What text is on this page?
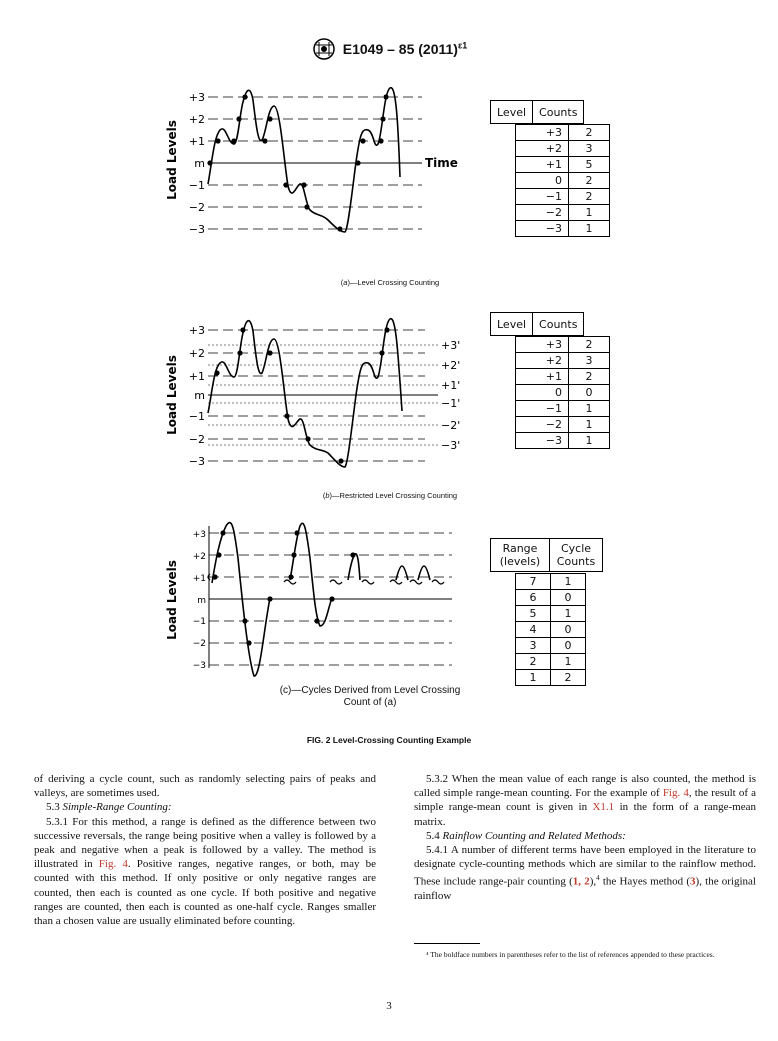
E1049 – 85 $(2011)^{\varepsilon 1}$
Load Levels
+3
+2
+1
m
−1
−2
−3
Time
Level	Counts
+3	2
+2	3
+1	5
0	2
−1	2
−2	1
−3	1
(a)—Level Crossing Counting
Load Levels
+3
+2
+1
m
−1
−2
−3
+3'
+2'
+1'
−1'
−2'
−3'
Level	Counts
+3	2
+2	3
+1	2
0	0
−1	1
−2	1
−3	1
(b)—Restricted Level Crossing Counting
Load Levels
+3
+2
+1
m
−1
−2
−3
(c)—Cycles Derived from Level Crossing
Count of (a)
Range (levels)	Cycle Counts
7	1
6	0
5	1
4	0
3	0
2	1
1	2
FIG. 2 Level-Crossing Counting Example

of deriving a cycle count, such as randomly selecting pairs of peaks and valleys, are sometimes used.

5.3 Simple-Range Counting:

5.3.1 For this method, a range is defined as the difference between two successive reversals, the range being positive when a valley is followed by a peak and negative when a peak is followed by a valley. The method is illustrated in Fig. 4. Positive ranges, negative ranges, or both, may be counted with this method. If only positive or only negative ranges are counted, then each is counted as one cycle. If both positive and negative ranges are counted, then each is counted as one-half cycle. Ranges smaller than a chosen value are usually eliminated before counting.

5.3.2 When the mean value of each range is also counted, the method is called simple range-mean counting. For the example of Fig. 4, the result of a simple range-mean count is given in X1.1 in the form of a range-mean matrix.

5.4 Rainflow Counting and Related Methods:

5.4.1 A number of different terms have been employed in the literature to designate cycle-counting methods which are similar to the rainflow method. These include range-pair counting (1, 2),$^4$ the Hayes method (3), the original rainflow

⁴ The boldface numbers in parentheses refer to the list of references appended to these practices.
3
